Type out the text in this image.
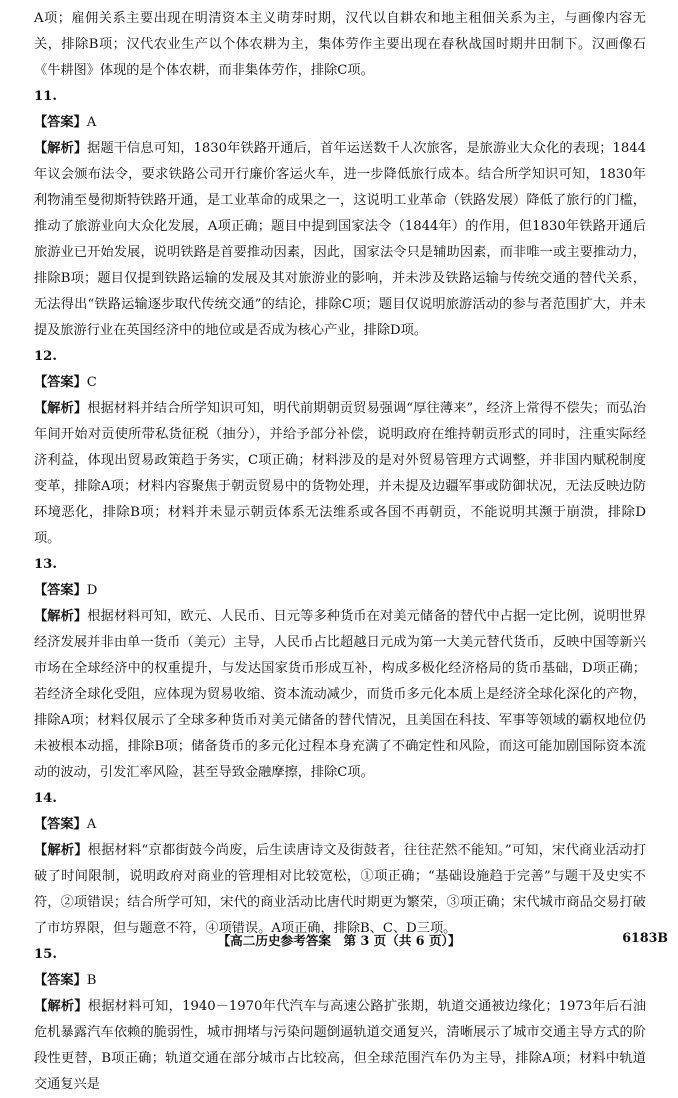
A项；雇佣关系主要出现在明清资本主义萌芽时期，汉代以自耕农和地主租佃关系为主，与画像内容无关，排除B项；汉代农业生产以个体农耕为主，集体劳作主要出现在春秋战国时期井田制下。汉画像石《牛耕图》体现的是个体农耕，而非集体劳作，排除C项。

11.

【答案】A

【解析】据题干信息可知，1830年铁路开通后，首年运送数千人次旅客，是旅游业大众化的表现；1844年议会颁布法令，要求铁路公司开行廉价客运火车，进一步降低旅行成本。结合所学知识可知，1830年利物浦至曼彻斯特铁路开通，是工业革命的成果之一，这说明工业革命（铁路发展）降低了旅行的门槛，推动了旅游业向大众化发展，A项正确；题目中提到国家法令（1844年）的作用，但1830年铁路开通后旅游业已开始发展，说明铁路是首要推动因素，因此，国家法令只是辅助因素，而非唯一或主要推动力，排除B项；题目仅提到铁路运输的发展及其对旅游业的影响，并未涉及铁路运输与传统交通的替代关系，无法得出“铁路运输逐步取代传统交通”的结论，排除C项；题目仅说明旅游活动的参与者范围扩大，并未提及旅游行业在英国经济中的地位或是否成为核心产业，排除D项。

12.

【答案】C

【解析】根据材料并结合所学知识可知，明代前期朝贡贸易强调“厚往薄来”，经济上常得不偿失；而弘治年间开始对贡使所带私货征税（抽分），并给予部分补偿，说明政府在维持朝贡形式的同时，注重实际经济利益，体现出贸易政策趋于务实，C项正确；材料涉及的是对外贸易管理方式调整，并非国内赋税制度变革，排除A项；材料内容聚焦于朝贡贸易中的货物处理，并未提及边疆军事或防御状况，无法反映边防环境恶化，排除B项；材料并未显示朝贡体系无法维系或各国不再朝贡，不能说明其濒于崩溃，排除D项。

13.

【答案】D

【解析】根据材料可知，欧元、人民币、日元等多种货币在对美元储备的替代中占据一定比例，说明世界经济发展并非由单一货币（美元）主导，人民币占比超越日元成为第一大美元替代货币，反映中国等新兴市场在全球经济中的权重提升，与发达国家货币形成互补，构成多极化经济格局的货币基础，D项正确；若经济全球化受阻，应体现为贸易收缩、资本流动减少，而货币多元化本质上是经济全球化深化的产物，排除A项；材料仅展示了全球多种货币对美元储备的替代情况，且美国在科技、军事等领域的霸权地位仍未被根本动摇，排除B项；储备货币的多元化过程本身充满了不确定性和风险，而这可能加剧国际资本流动的波动，引发汇率风险，甚至导致金融摩擦，排除C项。

14.

【答案】A

【解析】根据材料“京都街鼓今尚废，后生读唐诗文及街鼓者，往往茫然不能知。”可知，宋代商业活动打破了时间限制，说明政府对商业的管理相对比较宽松，①项正确；“基础设施趋于完善”与题干及史实不符，②项错误；结合所学可知，宋代的商业活动比唐代时期更为繁荣，③项正确；宋代城市商品交易打破了市坊界限，但与题意不符，④项错误。A项正确，排除B、C、D三项。

15.

【答案】B

【解析】根据材料可知，1940－1970年代汽车与高速公路扩张期，轨道交通被边缘化；1973年后石油危机暴露汽车依赖的脆弱性，城市拥堵与污染问题倒逼轨道交通复兴，清晰展示了城市交通主导方式的阶段性更替，B项正确；轨道交通在部分城市占比较高，但全球范围汽车仍为主导，排除A项；材料中轨道交通复兴是

【高二历史参考答案　第 3 页（共 6 页）】	6183B
